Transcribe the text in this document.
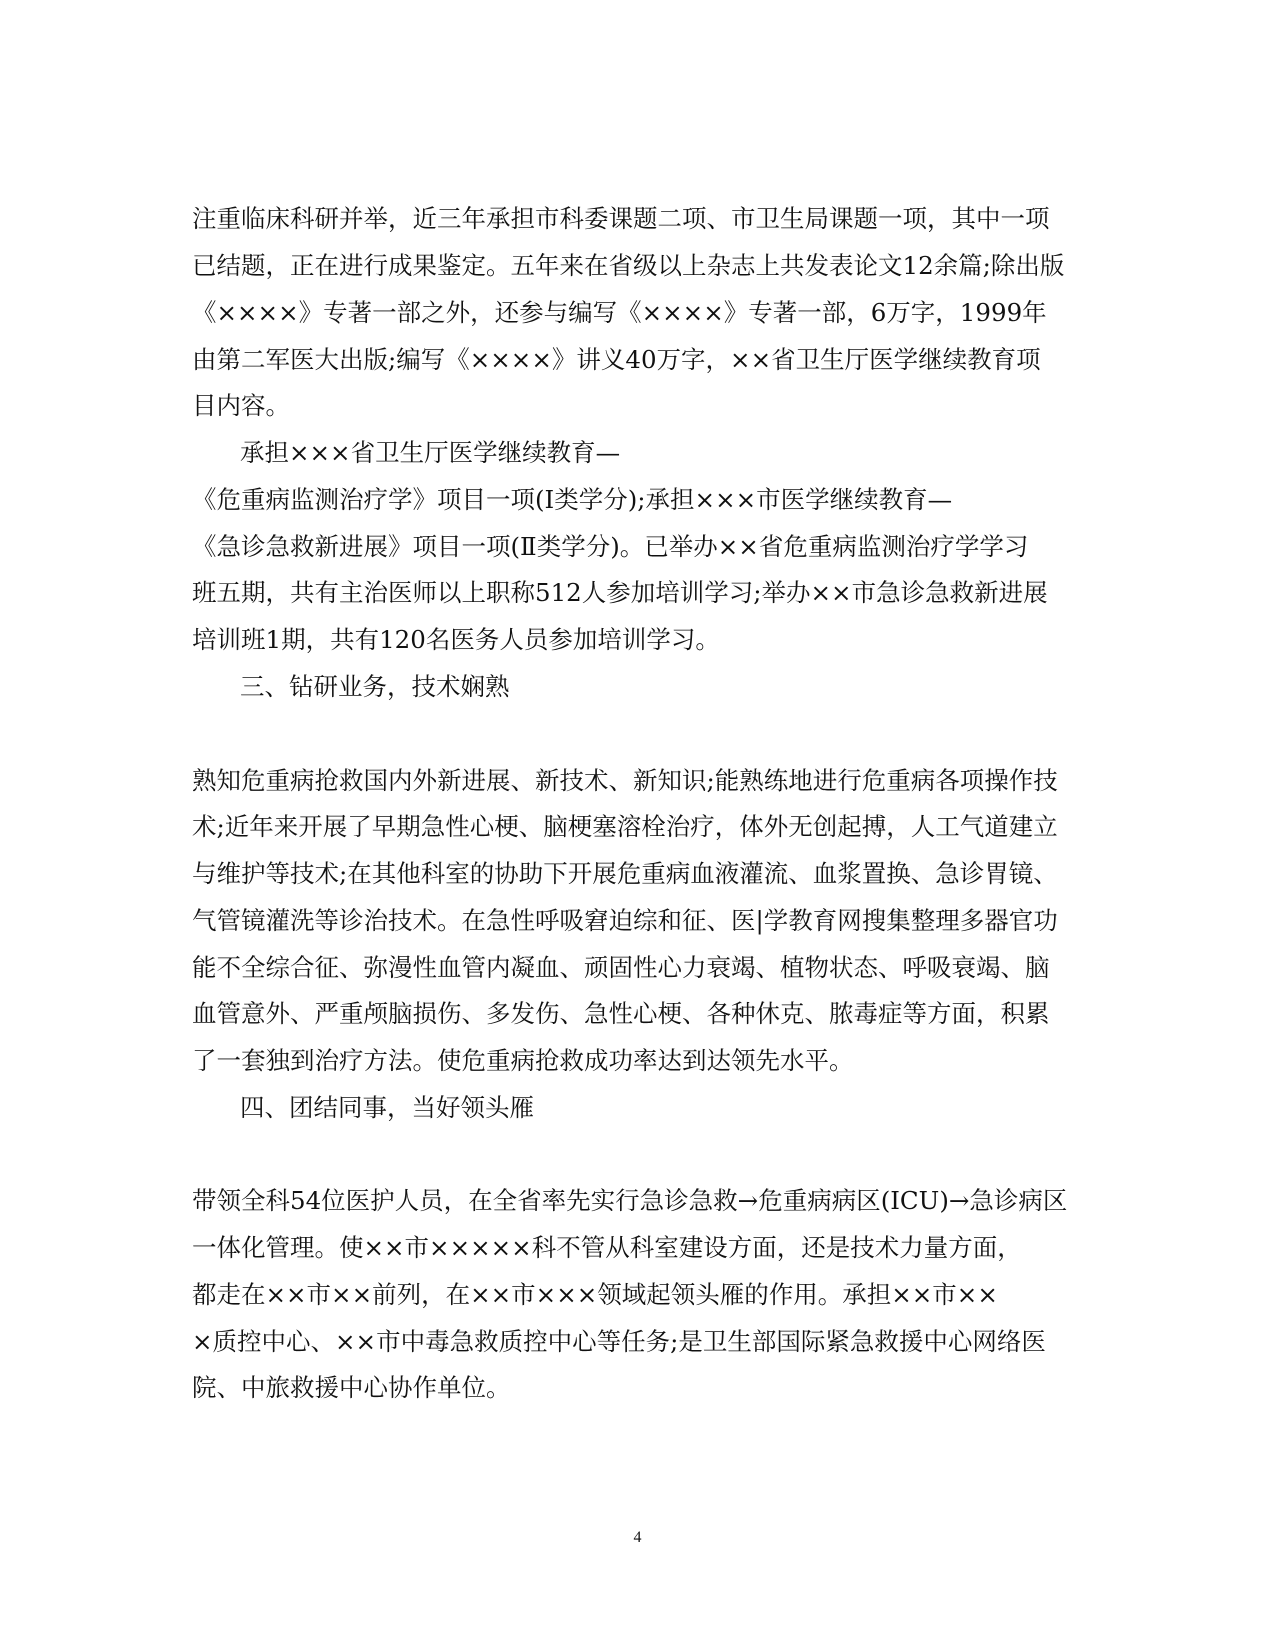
注重临床科研并举，近三年承担市科委课题二项、市卫生局课题一项，其中一项
已结题，正在进行成果鉴定。五年来在省级以上杂志上共发表论文12余篇;除出版
《××××》专著一部之外，还参与编写《××××》专著一部，6万字，1999年
由第二军医大出版;编写《××××》讲义40万字，××省卫生厅医学继续教育项
目内容。
承担×××省卫生厅医学继续教育—
《危重病监测治疗学》项目一项(Ⅰ类学分);承担×××市医学继续教育—
《急诊急救新进展》项目一项(Ⅱ类学分)。已举办××省危重病监测治疗学学习
班五期，共有主治医师以上职称512人参加培训学习;举办××市急诊急救新进展
培训班1期，共有120名医务人员参加培训学习。
三、钻研业务，技术娴熟
熟知危重病抢救国内外新进展、新技术、新知识;能熟练地进行危重病各项操作技
术;近年来开展了早期急性心梗、脑梗塞溶栓治疗，体外无创起搏，人工气道建立
与维护等技术;在其他科室的协助下开展危重病血液灌流、血浆置换、急诊胃镜、
气管镜灌洗等诊治技术。在急性呼吸窘迫综和征、医|学教育网搜集整理多器官功
能不全综合征、弥漫性血管内凝血、顽固性心力衰竭、植物状态、呼吸衰竭、脑
血管意外、严重颅脑损伤、多发伤、急性心梗、各种休克、脓毒症等方面，积累
了一套独到治疗方法。使危重病抢救成功率达到达领先水平。
四、团结同事，当好领头雁
带领全科54位医护人员，在全省率先实行急诊急救→危重病病区(ICU)→急诊病区
一体化管理。使××市×××××科不管从科室建设方面，还是技术力量方面，
都走在××市××前列，在××市×××领域起领头雁的作用。承担××市××
×质控中心、××市中毒急救质控中心等任务;是卫生部国际紧急救援中心网络医
院、中旅救援中心协作单位。
4
